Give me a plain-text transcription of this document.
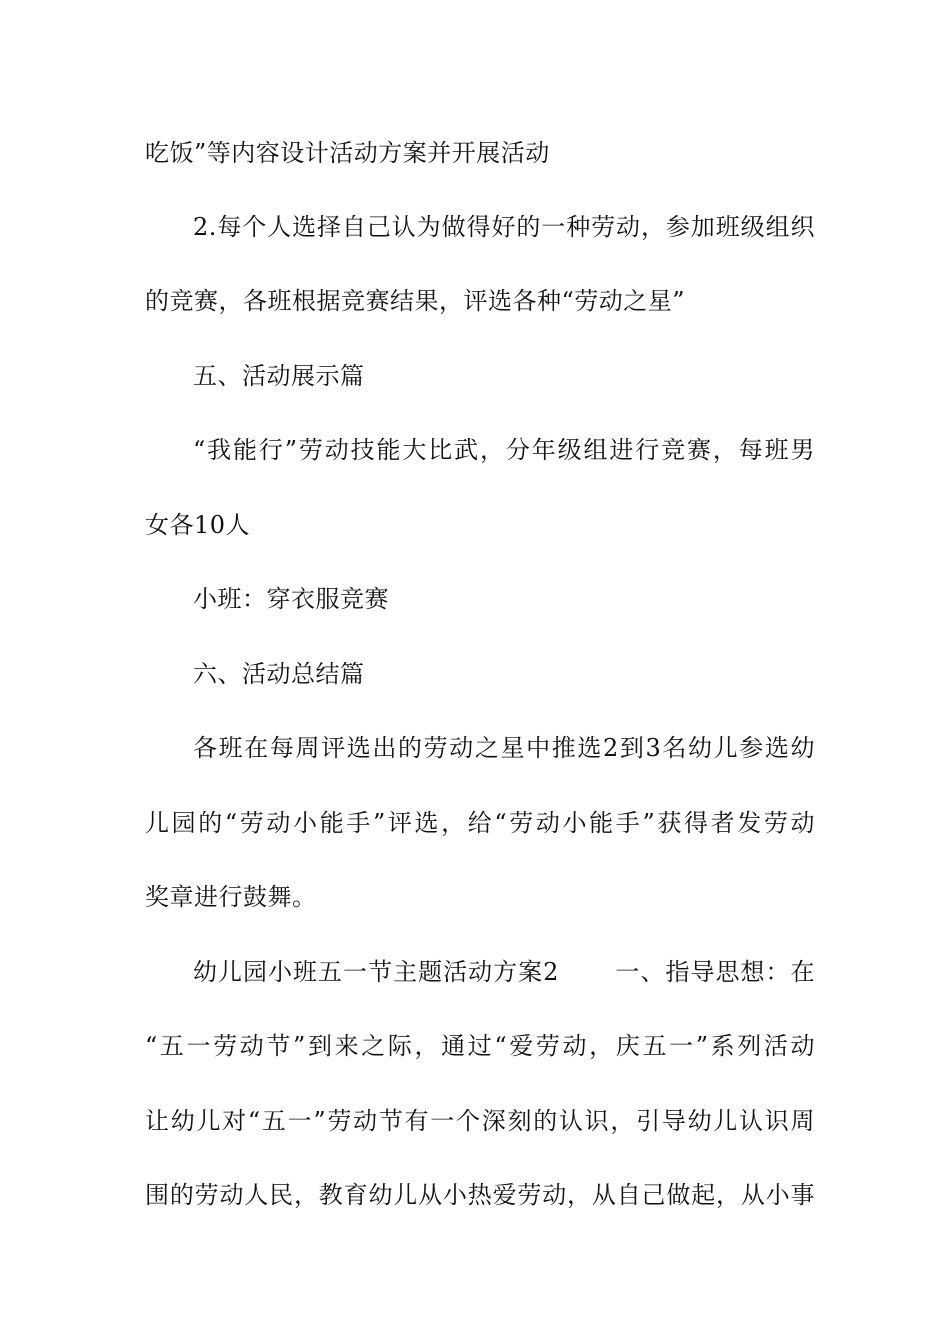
吃饭”等内容设计活动方案并开展活动
2.每个人选择自己认为做得好的一种劳动，参加班级组织
的竞赛，各班根据竞赛结果，评选各种“劳动之星”
五、活动展示篇
“我能行”劳动技能大比武，分年级组进行竞赛，每班男
女各10人
小班：穿衣服竞赛
六、活动总结篇
各班在每周评选出的劳动之星中推选2到3名幼儿参选幼
儿园的“劳动小能手”评选，给“劳动小能手”获得者发劳动
奖章进行鼓舞。
幼儿园小班五一节主题活动方案2 一、指导思想：在
“五一劳动节”到来之际，通过“爱劳动，庆五一”系列活动
让幼儿对“五一”劳动节有一个深刻的认识，引导幼儿认识周
围的劳动人民，教育幼儿从小热爱劳动，从自己做起，从小事
